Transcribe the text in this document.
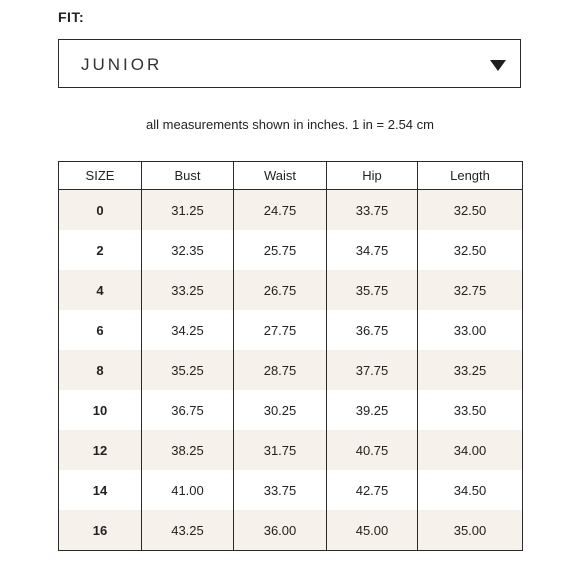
FIT:
JUNIOR
all measurements shown in inches. 1 in = 2.54 cm
SIZE	Bust	Waist	Hip	Length
0	31.25	24.75	33.75	32.50
2	32.35	25.75	34.75	32.50
4	33.25	26.75	35.75	32.75
6	34.25	27.75	36.75	33.00
8	35.25	28.75	37.75	33.25
10	36.75	30.25	39.25	33.50
12	38.25	31.75	40.75	34.00
14	41.00	33.75	42.75	34.50
16	43.25	36.00	45.00	35.00
